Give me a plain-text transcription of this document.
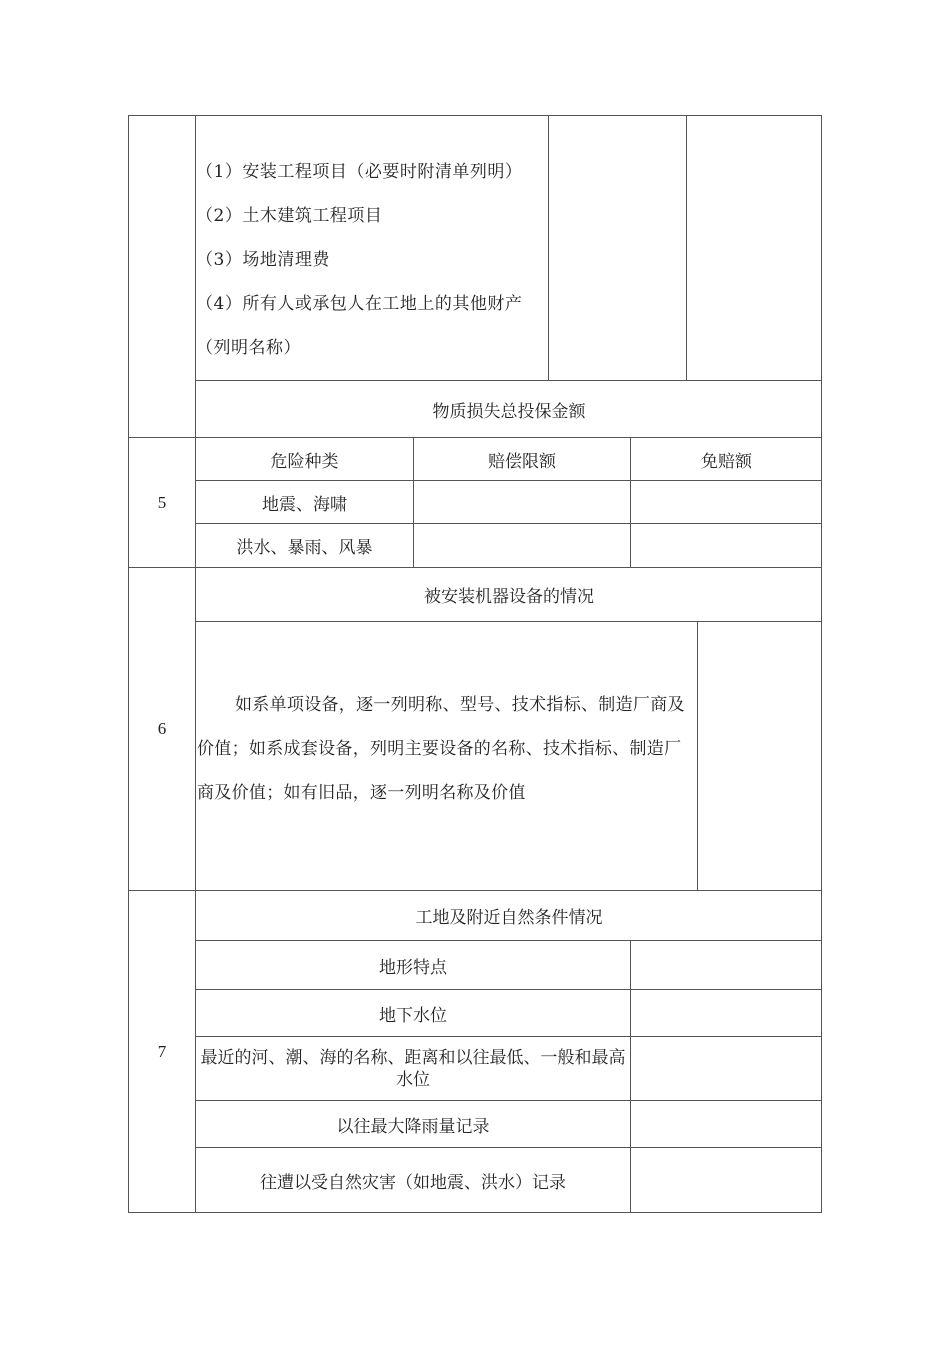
（1）安装工程项目（必要时附清单列明）
（2）土木建筑工程项目
（3）场地清理费
（4）所有人或承包人在工地上的其他财产
（列明名称）
物质损失总投保金额
5
危险种类	赔偿限额	免赔额
地震、海啸
洪水、暴雨、风暴
6
被安装机器设备的情况
如系单项设备，逐一列明称、型号、技术指标、制造厂商及价值；如系成套设备，列明主要设备的名称、技术指标、制造厂商及价值；如有旧品，逐一列明名称及价值
7
工地及附近自然条件情况
地形特点
地下水位
最近的河、潮、海的名称、距离和以往最低、一般和最高水位
以往最大降雨量记录
往遭以受自然灾害（如地震、洪水）记录
